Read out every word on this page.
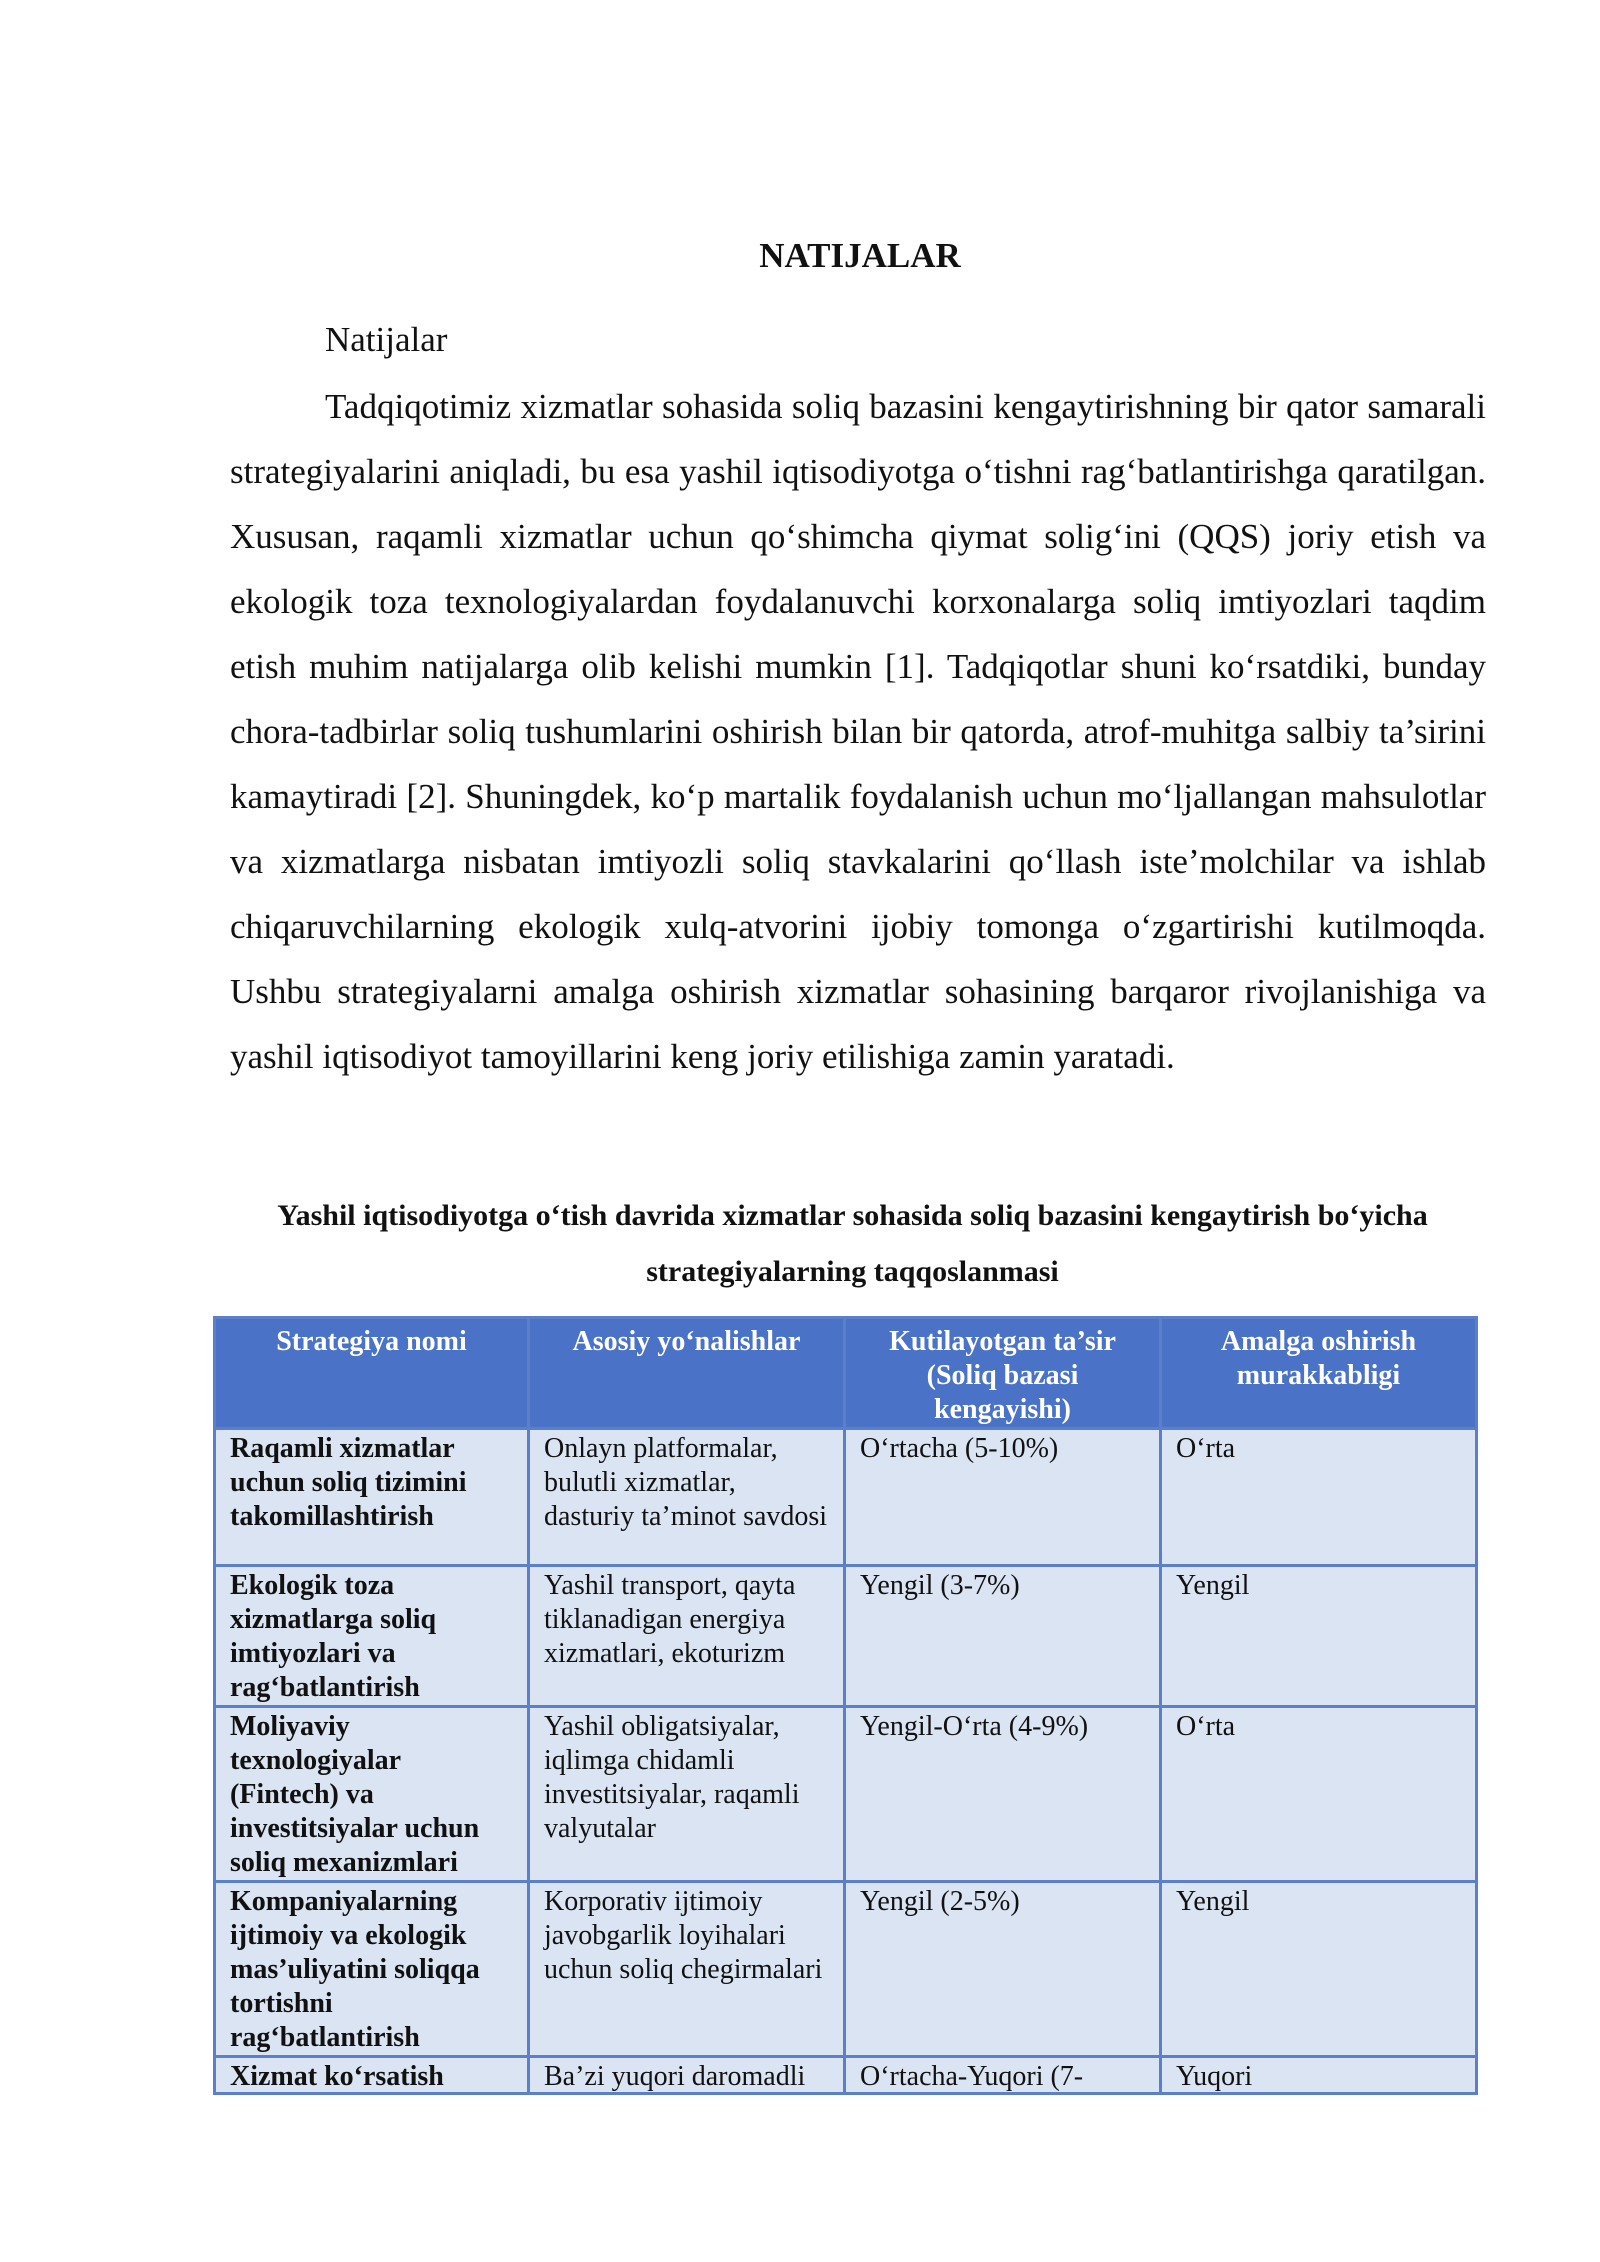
NATIJALAR
Natijalar

Tadqiqotimiz xizmatlar sohasida soliq bazasini kengaytirishning bir qator samarali strategiyalarini aniqladi, bu esa yashil iqtisodiyotga o‘tishni rag‘batlantirishga qaratilgan. Xususan, raqamli xizmatlar uchun qo‘shimcha qiymat solig‘ini (QQS) joriy etish va ekologik toza texnologiyalardan foydalanuvchi korxonalarga soliq imtiyozlari taqdim etish muhim natijalarga olib kelishi mumkin [1]. Tadqiqotlar shuni ko‘rsatdiki, bunday chora-tadbirlar soliq tushumlarini oshirish bilan bir qatorda, atrof-muhitga salbiy ta’sirini kamaytiradi [2]. Shuningdek, ko‘p martalik foydalanish uchun mo‘ljallangan mahsulotlar va xizmatlarga nisbatan imtiyozli soliq stavkalarini qo‘llash iste’molchilar va ishlab chiqaruvchilarning ekologik xulq-atvorini ijobiy tomonga o‘zgartirishi kutilmoqda. Ushbu strategiyalarni amalga oshirish xizmatlar sohasining barqaror rivojlanishiga va yashil iqtisodiyot tamoyillarini keng joriy etilishiga zamin yaratadi.

Yashil iqtisodiyotga o‘tish davrida xizmatlar sohasida soliq bazasini kengaytirish bo‘yicha strategiyalarning taqqoslanmasi
Strategiya nomi	Asosiy yo‘nalishlar	Kutilayotgan ta’sir (Soliq bazasi kengayishi)	Amalga oshirish murakkabligi
Raqamli xizmatlar uchun soliq tizimini takomillashtirish	Onlayn platformalar, bulutli xizmatlar, dasturiy ta’minot savdosi	O‘rtacha (5-10%)	O‘rta
Ekologik toza xizmatlarga soliq imtiyozlari va rag‘batlantirish	Yashil transport, qayta tiklanadigan energiya xizmatlari, ekoturizm	Yengil (3-7%)	Yengil
Moliyaviy texnologiyalar (Fintech) va investitsiyalar uchun soliq mexanizmlari	Yashil obligatsiyalar, iqlimga chidamli investitsiyalar, raqamli valyutalar	Yengil-O‘rta (4-9%)	O‘rta
Kompaniyalarning ijtimoiy va ekologik mas’uliyatini soliqqa tortishni rag‘batlantirish	Korporativ ijtimoiy javobgarlik loyihalari uchun soliq chegirmalari	Yengil (2-5%)	Yengil

Xizmat ko‘rsatish	Ba’zi yuqori daromadli	O‘rtacha-Yuqori (7-	Yuqori
